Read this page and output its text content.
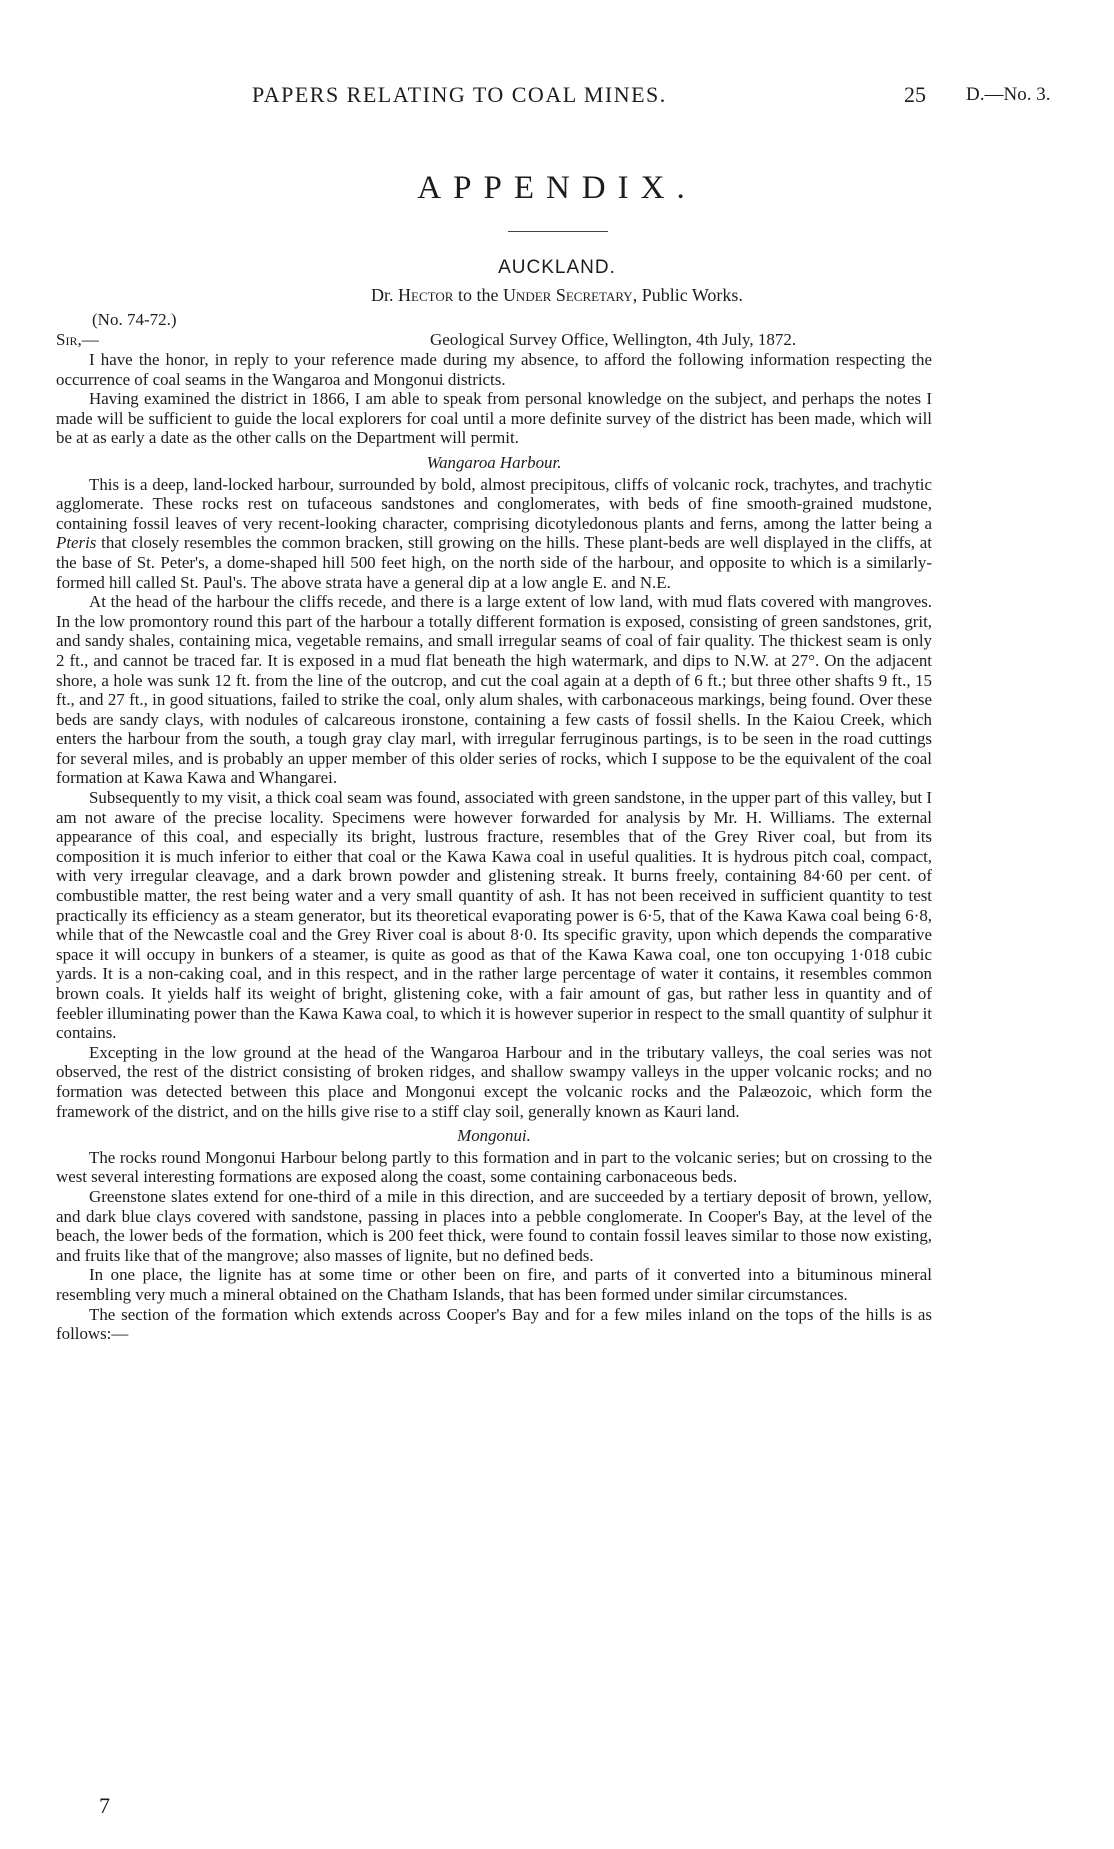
PAPERS RELATING TO COAL MINES.	25 D.—No. 3.
APPENDIX.
AUCKLAND.
Dr. Hector to the Under Secretary, Public Works.
(No. 74-72.)
Sir,—	Geological Survey Office, Wellington, 4th July, 1872.

I have the honor, in reply to your reference made during my absence, to afford the following information respecting the occurrence of coal seams in the Wangaroa and Mongonui districts.

Having examined the district in 1866, I am able to speak from personal knowledge on the subject, and perhaps the notes I made will be sufficient to guide the local explorers for coal until a more definite survey of the district has been made, which will be at as early a date as the other calls on the Department will permit.

Wangaroa Harbour.

This is a deep, land-locked harbour, surrounded by bold, almost precipitous, cliffs of volcanic rock, trachytes, and trachytic agglomerate. These rocks rest on tufaceous sandstones and conglomerates, with beds of fine smooth-grained mudstone, containing fossil leaves of very recent-looking character, comprising dicotyledonous plants and ferns, among the latter being a Pteris that closely resembles the common bracken, still growing on the hills. These plant-beds are well displayed in the cliffs, at the base of St. Peter's, a dome-shaped hill 500 feet high, on the north side of the harbour, and opposite to which is a similarly-formed hill called St. Paul's. The above strata have a general dip at a low angle E. and N.E.

At the head of the harbour the cliffs recede, and there is a large extent of low land, with mud flats covered with mangroves. In the low promontory round this part of the harbour a totally different formation is exposed, consisting of green sandstones, grit, and sandy shales, containing mica, vegetable remains, and small irregular seams of coal of fair quality. The thickest seam is only 2 ft., and cannot be traced far. It is exposed in a mud flat beneath the high watermark, and dips to N.W. at 27°. On the adjacent shore, a hole was sunk 12 ft. from the line of the outcrop, and cut the coal again at a depth of 6 ft.; but three other shafts 9 ft., 15 ft., and 27 ft., in good situations, failed to strike the coal, only alum shales, with carbonaceous markings, being found. Over these beds are sandy clays, with nodules of calcareous ironstone, containing a few casts of fossil shells. In the Kaiou Creek, which enters the harbour from the south, a tough gray clay marl, with irregular ferruginous partings, is to be seen in the road cuttings for several miles, and is probably an upper member of this older series of rocks, which I suppose to be the equivalent of the coal formation at Kawa Kawa and Whangarei.

Subsequently to my visit, a thick coal seam was found, associated with green sandstone, in the upper part of this valley, but I am not aware of the precise locality. Specimens were however forwarded for analysis by Mr. H. Williams. The external appearance of this coal, and especially its bright, lustrous fracture, resembles that of the Grey River coal, but from its composition it is much inferior to either that coal or the Kawa Kawa coal in useful qualities. It is hydrous pitch coal, compact, with very irregular cleavage, and a dark brown powder and glistening streak. It burns freely, containing 84·60 per cent. of combustible matter, the rest being water and a very small quantity of ash. It has not been received in sufficient quantity to test practically its efficiency as a steam generator, but its theoretical evaporating power is 6·5, that of the Kawa Kawa coal being 6·8, while that of the Newcastle coal and the Grey River coal is about 8·0. Its specific gravity, upon which depends the comparative space it will occupy in bunkers of a steamer, is quite as good as that of the Kawa Kawa coal, one ton occupying 1·018 cubic yards. It is a non-caking coal, and in this respect, and in the rather large percentage of water it contains, it resembles common brown coals. It yields half its weight of bright, glistening coke, with a fair amount of gas, but rather less in quantity and of feebler illuminating power than the Kawa Kawa coal, to which it is however superior in respect to the small quantity of sulphur it contains.

Excepting in the low ground at the head of the Wangaroa Harbour and in the tributary valleys, the coal series was not observed, the rest of the district consisting of broken ridges, and shallow swampy valleys in the upper volcanic rocks; and no formation was detected between this place and Mongonui except the volcanic rocks and the Palæozoic, which form the framework of the district, and on the hills give rise to a stiff clay soil, generally known as Kauri land.

Mongonui.

The rocks round Mongonui Harbour belong partly to this formation and in part to the volcanic series; but on crossing to the west several interesting formations are exposed along the coast, some containing carbonaceous beds.

Greenstone slates extend for one-third of a mile in this direction, and are succeeded by a tertiary deposit of brown, yellow, and dark blue clays covered with sandstone, passing in places into a pebble conglomerate. In Cooper's Bay, at the level of the beach, the lower beds of the formation, which is 200 feet thick, were found to contain fossil leaves similar to those now existing, and fruits like that of the mangrove; also masses of lignite, but no defined beds.

In one place, the lignite has at some time or other been on fire, and parts of it converted into a bituminous mineral resembling very much a mineral obtained on the Chatham Islands, that has been formed under similar circumstances.

The section of the formation which extends across Cooper's Bay and for a few miles inland on the tops of the hills is as follows:—

7
